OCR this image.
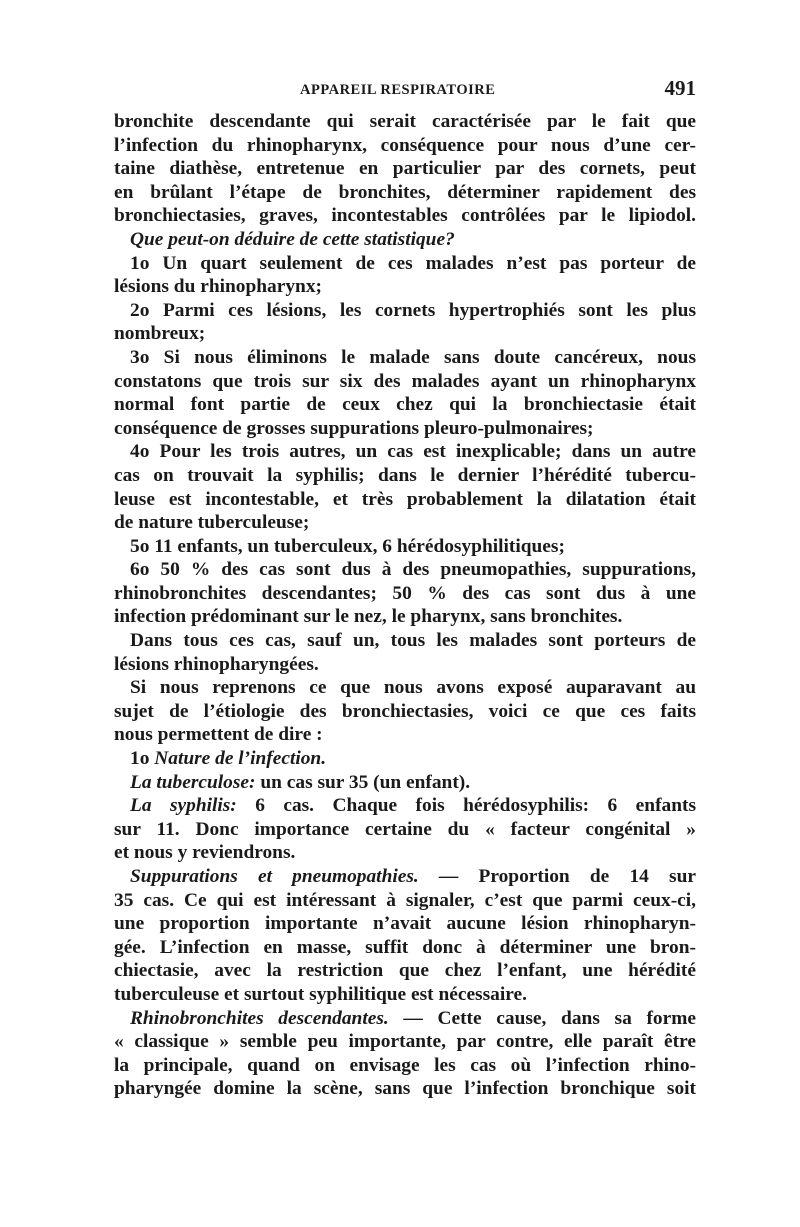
APPAREIL RESPIRATOIRE	491
bronchite descendante qui serait caractérisée par le fait que
l’infection du rhinopharynx, conséquence pour nous d’une cer-
taine diathèse, entretenue en particulier par des cornets, peut
en brûlant l’étape de bronchites, déterminer rapidement des
bronchiectasies, graves, incontestables contrôlées par le lipiodol.
Que peut-on déduire de cette statistique?
1o Un quart seulement de ces malades n’est pas porteur de
lésions du rhinopharynx;
2o Parmi ces lésions, les cornets hypertrophiés sont les plus
nombreux;
3o Si nous éliminons le malade sans doute cancéreux, nous
constatons que trois sur six des malades ayant un rhinopharynx
normal font partie de ceux chez qui la bronchiectasie était
conséquence de grosses suppurations pleuro-pulmonaires;
4o Pour les trois autres, un cas est inexplicable; dans un autre
cas on trouvait la syphilis; dans le dernier l’hérédité tubercu-
leuse est incontestable, et très probablement la dilatation était
de nature tuberculeuse;
5o 11 enfants, un tuberculeux, 6 hérédosyphilitiques;
6o 50 % des cas sont dus à des pneumopathies, suppurations,
rhinobronchites descendantes; 50 % des cas sont dus à une
infection prédominant sur le nez, le pharynx, sans bronchites.
Dans tous ces cas, sauf un, tous les malades sont porteurs de
lésions rhinopharyngées.
Si nous reprenons ce que nous avons exposé auparavant au
sujet de l’étiologie des bronchiectasies, voici ce que ces faits
nous permettent de dire :
1o Nature de l’infection.
La tuberculose: un cas sur 35 (un enfant).
La syphilis: 6 cas. Chaque fois hérédosyphilis: 6 enfants
sur 11. Donc importance certaine du « facteur congénital »
et nous y reviendrons.
Suppurations et pneumopathies. — Proportion de 14 sur
35 cas. Ce qui est intéressant à signaler, c’est que parmi ceux-ci,
une proportion importante n’avait aucune lésion rhinopharyn-
gée. L’infection en masse, suffit donc à déterminer une bron-
chiectasie, avec la restriction que chez l’enfant, une hérédité
tuberculeuse et surtout syphilitique est nécessaire.
Rhinobronchites descendantes. — Cette cause, dans sa forme
« classique » semble peu importante, par contre, elle paraît être
la principale, quand on envisage les cas où l’infection rhino-
pharyngée domine la scène, sans que l’infection bronchique soit
